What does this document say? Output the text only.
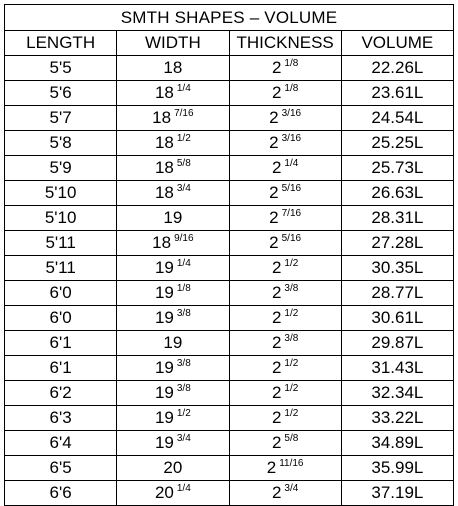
SMTH SHAPES – VOLUME			
LENGTH	WIDTH	THICKNESS	VOLUME
5'5	18	2 $^{1/8}$	22.26L
5'6	18 $^{1/4}$	2 $^{1/8}$	23.61L
5'7	18 $^{7/16}$	2 $^{3/16}$	24.54L
5'8	18 $^{1/2}$	2 $^{3/16}$	25.25L
5'9	18 $^{5/8}$	2 $^{1/4}$	25.73L
5'10	18 $^{3/4}$	2 $^{5/16}$	26.63L
5'10	19	2 $^{7/16}$	28.31L
5'11	18 $^{9/16}$	2 $^{5/16}$	27.28L
5'11	19 $^{1/4}$	2 $^{1/2}$	30.35L
6'0	19 $^{1/8}$	2 $^{3/8}$	28.77L
6'0	19 $^{3/8}$	2 $^{1/2}$	30.61L
6'1	19	2 $^{3/8}$	29.87L
6'1	19 $^{3/8}$	2 $^{1/2}$	31.43L
6'2	19 $^{3/8}$	2 $^{1/2}$	32.34L
6'3	19 $^{1/2}$	2 $^{1/2}$	33.22L
6'4	19 $^{3/4}$	2 $^{5/8}$	34.89L
6'5	20	2 $^{11/16}$	35.99L
6'6	20 $^{1/4}$	2 $^{3/4}$	37.19L
